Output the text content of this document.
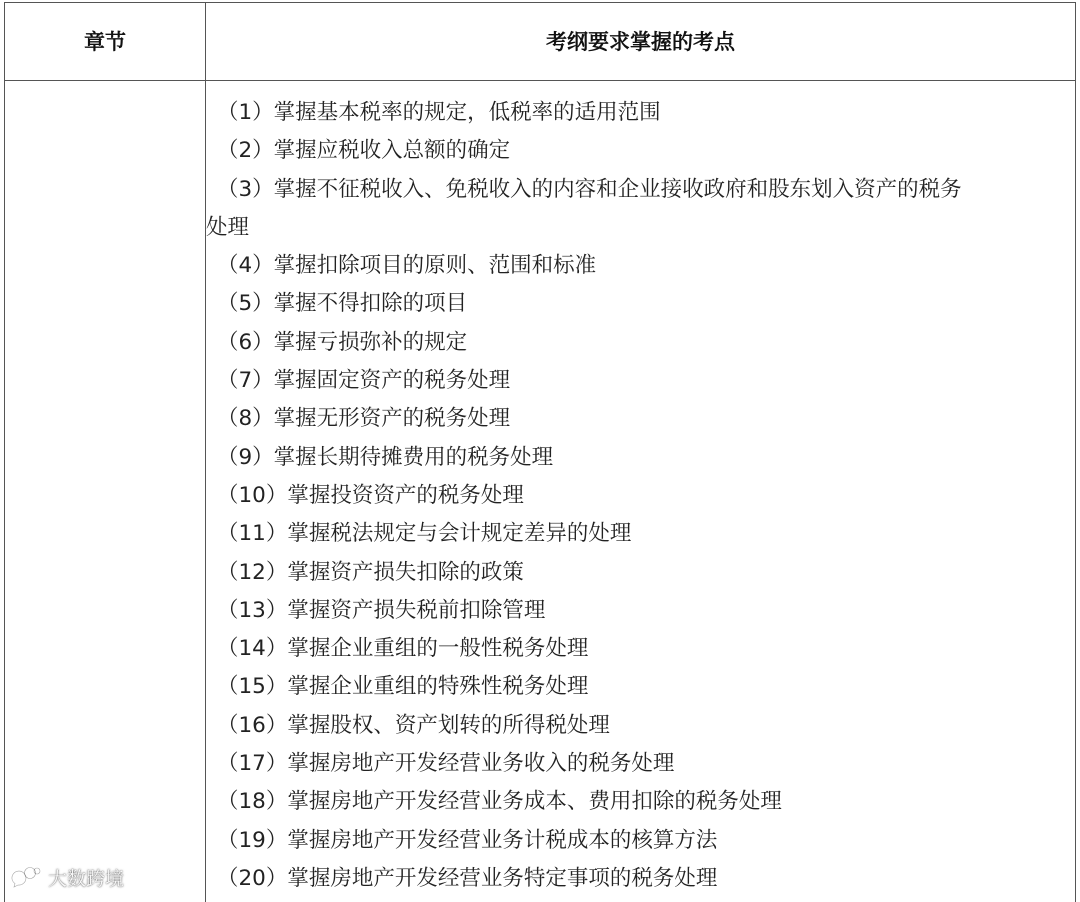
章节	考纲要求掌握的考点
（1）掌握基本税率的规定，低税率的适用范围
（2）掌握应税收入总额的确定
（3）掌握不征税收入、免税收入的内容和企业接收政府和股东划入资产的税务
处理
（4）掌握扣除项目的原则、范围和标准
（5）掌握不得扣除的项目
（6）掌握亏损弥补的规定
（7）掌握固定资产的税务处理
（8）掌握无形资产的税务处理
（9）掌握长期待摊费用的税务处理
（10）掌握投资资产的税务处理
（11）掌握税法规定与会计规定差异的处理
（12）掌握资产损失扣除的政策
（13）掌握资产损失税前扣除管理
（14）掌握企业重组的一般性税务处理
（15）掌握企业重组的特殊性税务处理
（16）掌握股权、资产划转的所得税处理
（17）掌握房地产开发经营业务收入的税务处理
（18）掌握房地产开发经营业务成本、费用扣除的税务处理
（19）掌握房地产开发经营业务计税成本的核算方法
（20）掌握房地产开发经营业务特定事项的税务处理
大数跨境
